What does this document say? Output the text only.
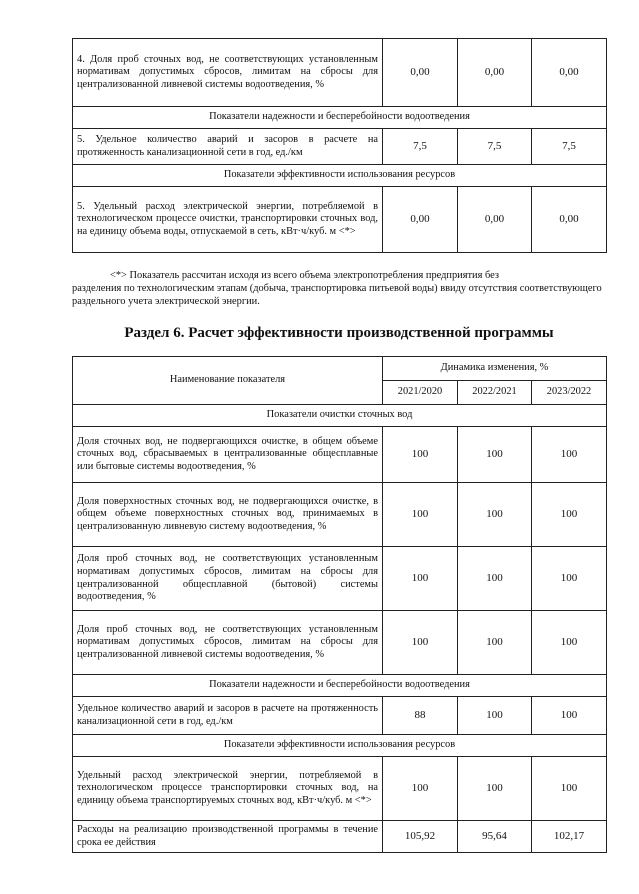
4. Доля проб сточных вод, не соответствующих установленным нормативам допустимых сбросов, лимитам на сбросы для централизованной ливневой системы водоотведения, %	0,00	0,00	0,00
Показатели надежности и бесперебойности водоотведения			
5. Удельное количество аварий и засоров в расчете на протяженность канализационной сети в год, ед./км	7,5	7,5	7,5
Показатели эффективности использования ресурсов			
5. Удельный расход электрической энергии, потребляемой в технологическом процессе очистки, транспортировки сточных вод, на единицу объема воды, отпускаемой в сеть, кВт·ч/куб. м <*>	0,00	0,00	0,00
<*> Показатель рассчитан исходя из всего объема электропотребления предприятия без
разделения по технологическим этапам (добыча, транспортировка питьевой воды) ввиду отсутствия соответствующего раздельного учета электрической энергии.
Раздел 6. Расчет эффективности производственной программы
Наименование показателя	Динамика изменения, %		
	2021/2020	2022/2021	2023/2022
Показатели очистки сточных вод			
Доля сточных вод, не подвергающихся очистке, в общем объеме сточных вод, сбрасываемых в централизованные общесплавные или бытовые системы водоотведения, %	100	100	100
Доля поверхностных сточных вод, не подвергающихся очистке, в общем объеме поверхностных сточных вод, принимаемых в централизованную ливневую систему водоотведения, %	100	100	100
Доля проб сточных вод, не соответствующих установленным нормативам допустимых сбросов, лимитам на сбросы для централизованной общесплавной (бытовой) системы водоотведения, %	100	100	100
Доля проб сточных вод, не соответствующих установленным нормативам допустимых сбросов, лимитам на сбросы для централизованной ливневой системы водоотведения, %	100	100	100
Показатели надежности и бесперебойности водоотведения			
Удельное количество аварий и засоров в расчете на протяженность канализационной сети в год, ед./км	88	100	100
Показатели эффективности использования ресурсов			
Удельный расход электрической энергии, потребляемой в технологическом процессе транспортировки сточных вод, на единицу объема транспортируемых сточных вод, кВт·ч/куб. м <*>	100	100	100
Расходы на реализацию производственной программы в течение срока ее действия	105,92	95,64	102,17
